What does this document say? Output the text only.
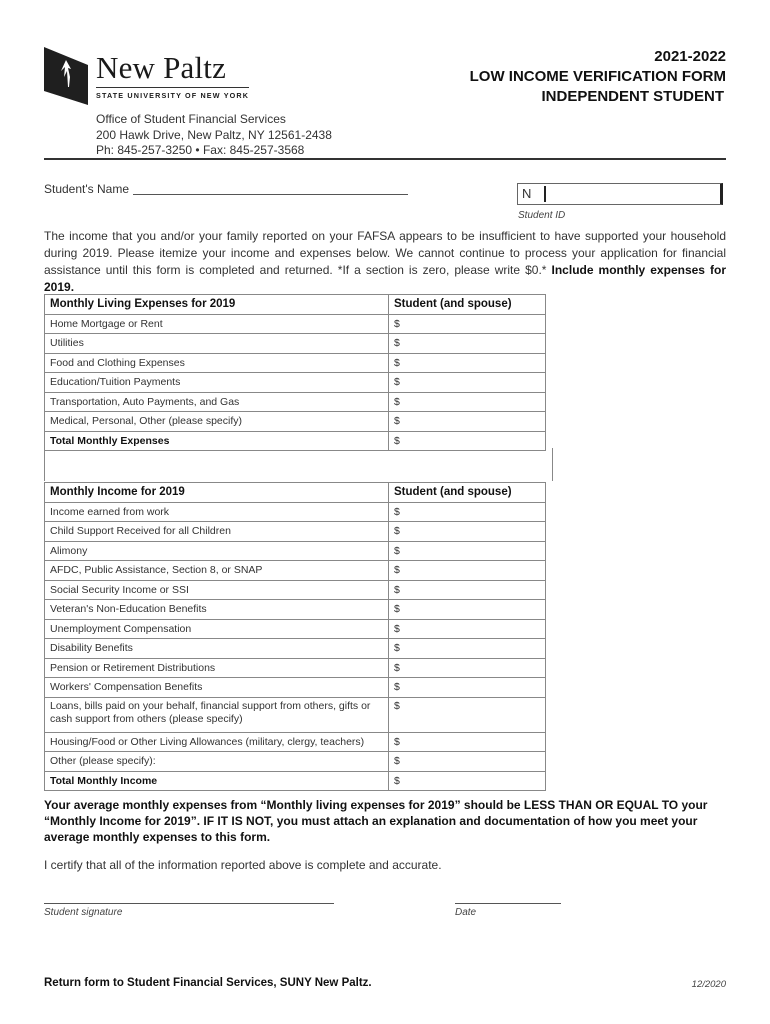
New Paltz
STATE UNIVERSITY OF NEW YORK
Office of Student Financial Services
200 Hawk Drive, New Paltz, NY 12561-2438
Ph: 845-257-3250 • Fax: 845-257-3568
2021-2022
LOW INCOME VERIFICATION FORM
INDEPENDENT STUDENT
Student's Name	N
Student ID
The income that you and/or your family reported on your FAFSA appears to be insufficient to have supported your household during 2019. Please itemize your income and expenses below. We cannot continue to process your application for financial assistance until this form is completed and returned. *If a section is zero, please write $0.* Include monthly expenses for 2019.
Monthly Living Expenses for 2019	Student (and spouse)
Home Mortgage or Rent	$
Utilities	$
Food and Clothing Expenses	$
Education/Tuition Payments	$
Transportation, Auto Payments, and Gas	$
Medical, Personal, Other (please specify)	$
Total Monthly Expenses	$
Monthly Income for 2019	Student (and spouse)
Income earned from work	$
Child Support Received for all Children	$
Alimony	$
AFDC, Public Assistance, Section 8, or SNAP	$
Social Security Income or SSI	$
Veteran's Non-Education Benefits	$
Unemployment Compensation	$
Disability Benefits	$
Pension or Retirement Distributions	$
Workers' Compensation Benefits	$
Loans, bills paid on your behalf, financial support from others, gifts or cash support from others (please specify)	$
Housing/Food or Other Living Allowances (military, clergy, teachers)	$
Other (please specify):	$
Total Monthly Income	$
Your average monthly expenses from “Monthly living expenses for 2019” should be LESS THAN OR EQUAL TO your “Monthly Income for 2019”. IF IT IS NOT, you must attach an explanation and documentation of how you meet your average monthly expenses to this form.
I certify that all of the information reported above is complete and accurate.
Student signature	Date
Return form to Student Financial Services, SUNY New Paltz.	12/2020
